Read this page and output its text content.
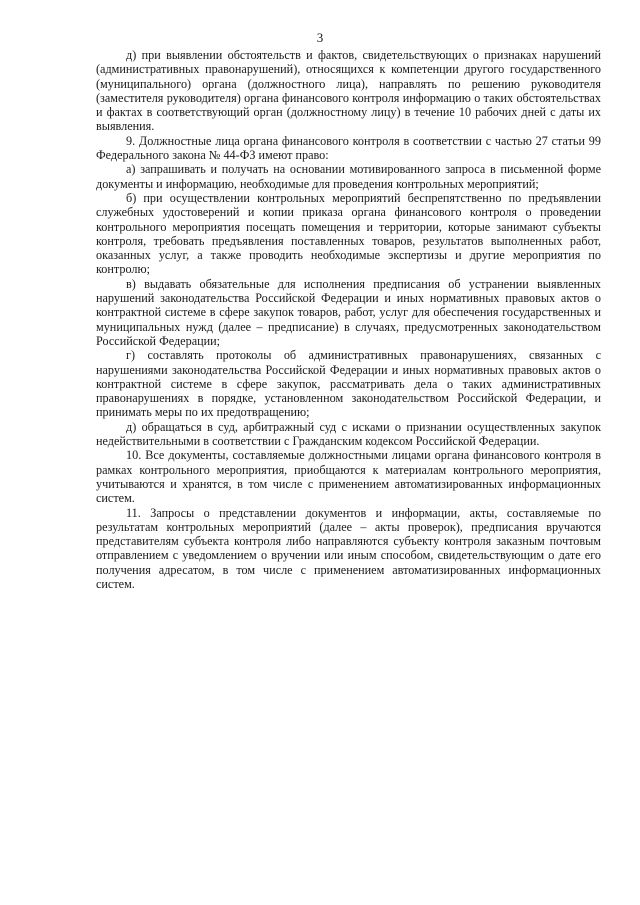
3

д) при выявлении обстоятельств и фактов, свидетельствующих о признаках нарушений (административных правонарушений), относящихся к компетенции другого государственного (муниципального) органа (должностного лица), направлять по решению руководителя (заместителя руководителя) органа финансового контроля информацию о таких обстоятельствах и фактах в соответствующий орган (должностному лицу) в течение 10 рабочих дней с даты их выявления.

9. Должностные лица органа финансового контроля в соответствии с частью 27 статьи 99 Федерального закона № 44-ФЗ имеют право:

а) запрашивать и получать на основании мотивированного запроса в письменной форме документы и информацию, необходимые для проведения контрольных мероприятий;

б) при осуществлении контрольных мероприятий беспрепятственно по предъявлении служебных удостоверений и копии приказа органа финансового контроля о проведении контрольного мероприятия посещать помещения и территории, которые занимают субъекты контроля, требовать предъявления поставленных товаров, результатов выполненных работ, оказанных услуг, а также проводить необходимые экспертизы и другие мероприятия по контролю;

в) выдавать обязательные для исполнения предписания об устранении выявленных нарушений законодательства Российской Федерации и иных нормативных правовых актов о контрактной системе в сфере закупок товаров, работ, услуг для обеспечения государственных и муниципальных нужд (далее – предписание) в случаях, предусмотренных законодательством Российской Федерации;

г) составлять протоколы об административных правонарушениях, связанных с нарушениями законодательства Российской Федерации и иных нормативных правовых актов о контрактной системе в сфере закупок, рассматривать дела о таких административных правонарушениях в порядке, установленном законодательством Российской Федерации, и принимать меры по их предотвращению;

д) обращаться в суд, арбитражный суд с исками о признании осуществленных закупок недействительными в соответствии с Гражданским кодексом Российской Федерации.

10. Все документы, составляемые должностными лицами органа финансового контроля в рамках контрольного мероприятия, приобщаются к материалам контрольного мероприятия, учитываются и хранятся, в том числе с применением автоматизированных информационных систем.

11. Запросы о представлении документов и информации, акты, составляемые по результатам контрольных мероприятий (далее – акты проверок), предписания вручаются представителям субъекта контроля либо направляются субъекту контроля заказным почтовым отправлением с уведомлением о вручении или иным способом, свидетельствующим о дате его получения адресатом, в том числе с применением автоматизированных информационных систем.
